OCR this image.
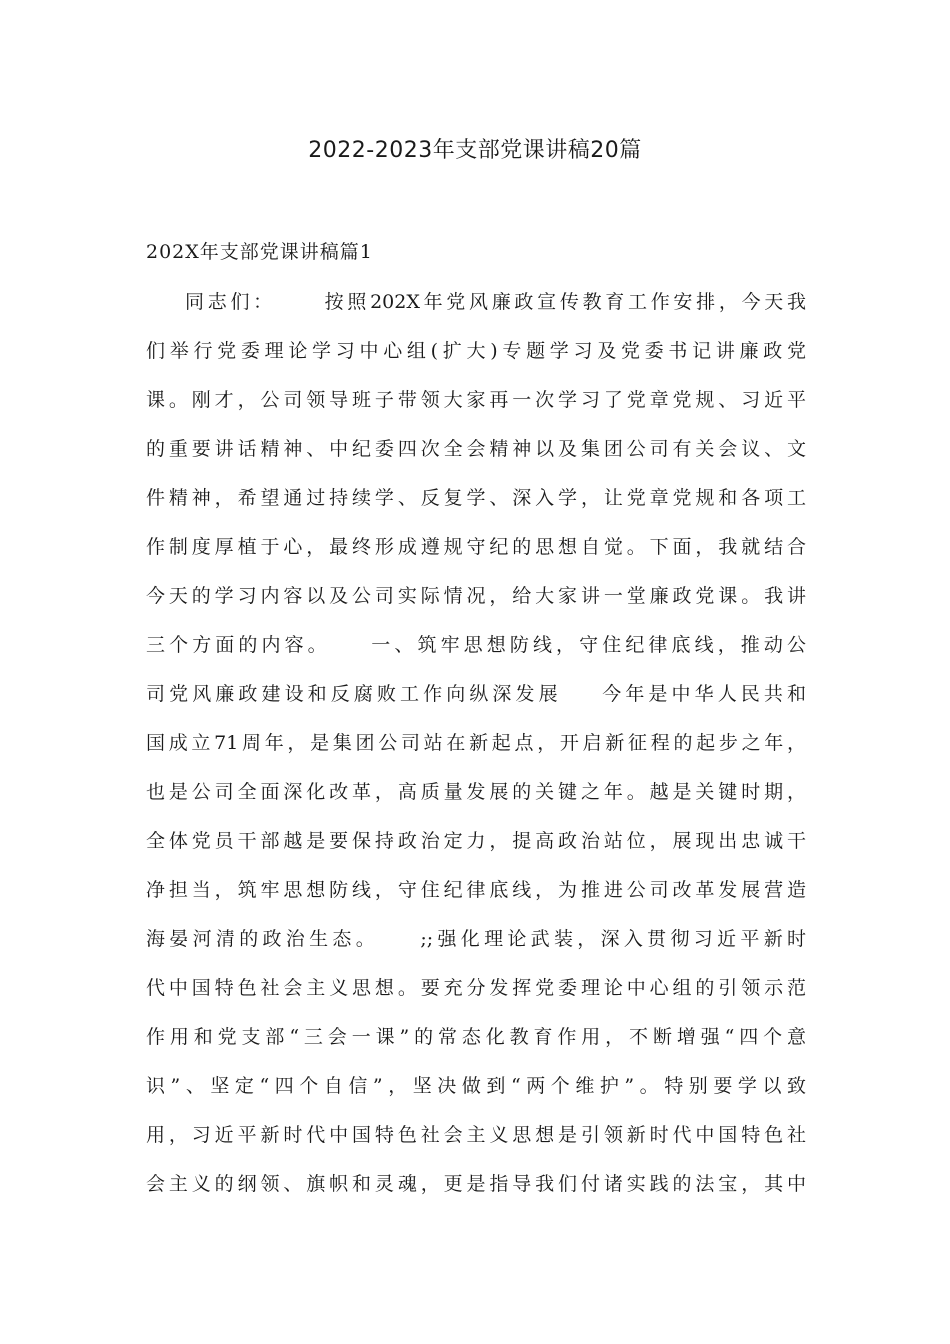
2022-2023年支部党课讲稿20篇
202X年支部党课讲稿篇1
同志们：     按照202X年党风廉政宣传教育工作安排，今天我
们举行党委理论学习中心组(扩大)专题学习及党委书记讲廉政党
课。刚才，公司领导班子带领大家再一次学习了党章党规、习近平
的重要讲话精神、中纪委四次全会精神以及集团公司有关会议、文
件精神，希望通过持续学、反复学、深入学，让党章党规和各项工
作制度厚植于心，最终形成遵规守纪的思想自觉。下面，我就结合
今天的学习内容以及公司实际情况，给大家讲一堂廉政党课。我讲
三个方面的内容。    一、筑牢思想防线，守住纪律底线，推动公
司党风廉政建设和反腐败工作向纵深发展    今年是中华人民共和
国成立71周年，是集团公司站在新起点，开启新征程的起步之年，
也是公司全面深化改革，高质量发展的关键之年。越是关键时期，
全体党员干部越是要保持政治定力，提高政治站位，展现出忠诚干
净担当，筑牢思想防线，守住纪律底线，为推进公司改革发展营造
海晏河清的政治生态。    ;;强化理论武装，深入贯彻习近平新时
代中国特色社会主义思想。要充分发挥党委理论中心组的引领示范
作用和党支部“三会一课”的常态化教育作用，不断增强“四个意
识”、坚定“四个自信”，坚决做到“两个维护”。特别要学以致
用，习近平新时代中国特色社会主义思想是引领新时代中国特色社
会主义的纲领、旗帜和灵魂，更是指导我们付诸实践的法宝，其中
